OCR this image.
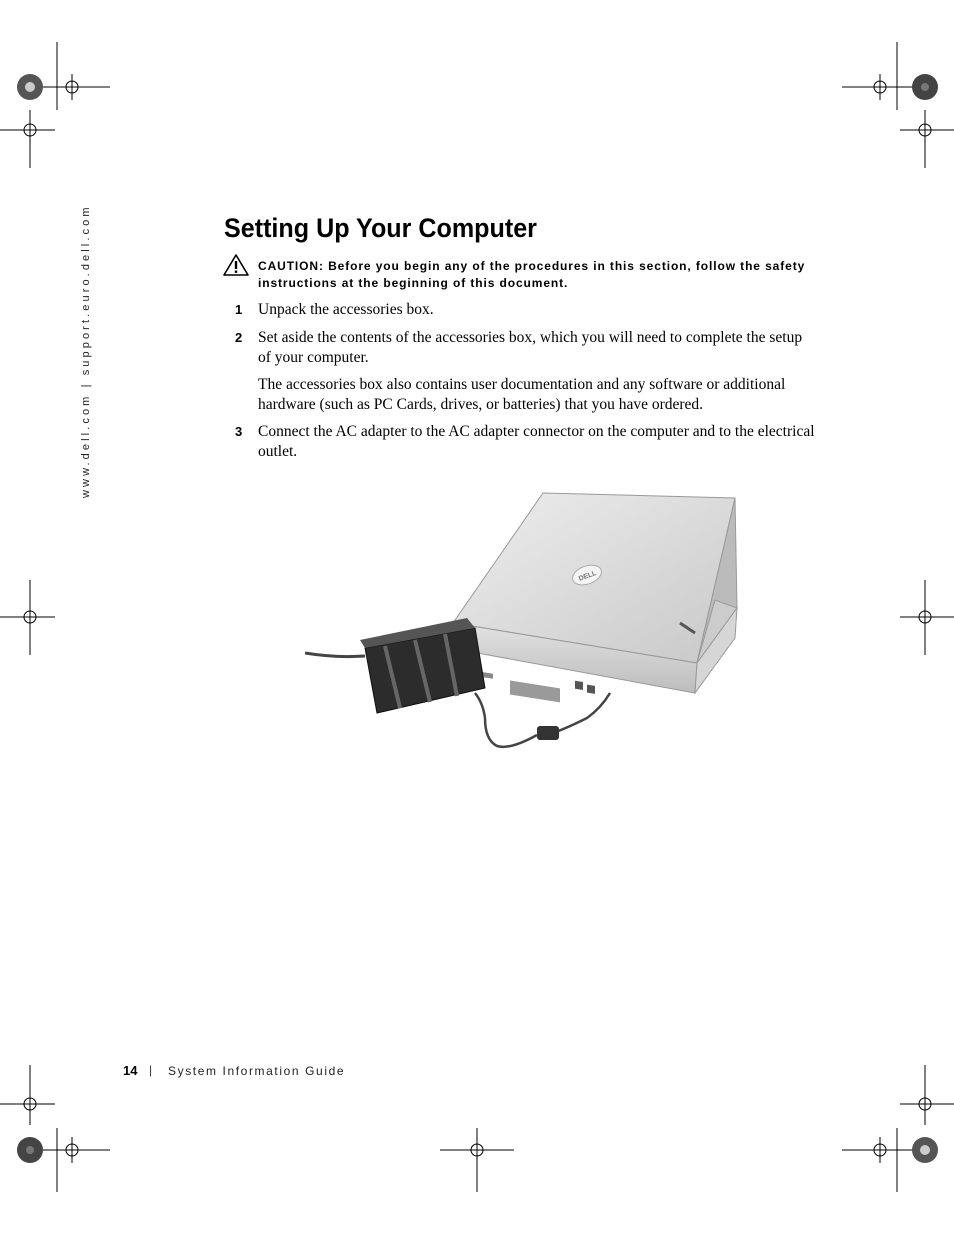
www.dell.com | support.euro.dell.com	Setting Up Your Computer
CAUTION: Before you begin any of the procedures in this section, follow the safety instructions at the beginning of this document.
1 Unpack the accessories box.
2 Set aside the contents of the accessories box, which you will need to complete the setup of your computer.
The accessories box also contains user documentation and any software or additional hardware (such as PC Cards, drives, or batteries) that you have ordered.
3 Connect the AC adapter to the AC adapter connector on the computer and to the electrical outlet.
DELL
14 | System Information Guide
